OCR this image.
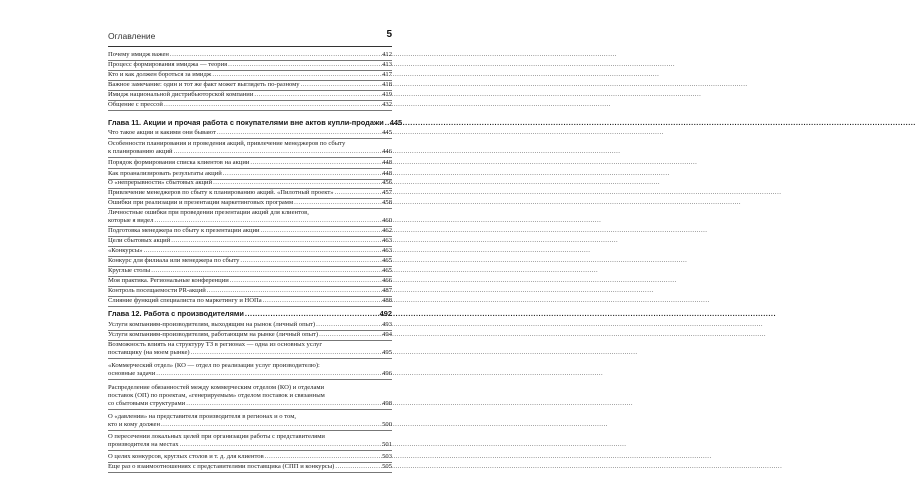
Оглавление	5
Почему имидж важен .....	412
Процесс формирования имиджа — теория .....	413
Кто и как должен бороться за имидж .....	417
Важное замечание: один и тот же факт может выглядеть по-разному .....	418
Имидж национальной дистрибьюторской компании .....	419
Общение с прессой .....	432
Глава 11. Акции и прочая работа с покупателями вне актов купли-продажи ..... 445
Что такое акции и какими они бывают .....	445
Особенности планирования и проведения акций, привлечение менеджеров по сбыту
к планированию акций .....	446
Порядок формирования списка клиентов на акции .....	448
Как проанализировать результаты акций .....	448
О «непрерывности» сбытовых акций .....	456
Привлечение менеджеров по сбыту к планированию акций. «Пилотный проект» .....	457
Ошибки при реализации и презентации маркетинговых программ .....	458
Личностные ошибки при проведении презентации акций для клиентов,
которые я видел .....	460
Подготовка менеджера по сбыту к презентации акции .....	462
Цели сбытовых акций .....	463
«Конкурсы» .....	463
Конкурс для филиала или менеджера по сбыту .....	465
Круглые столы .....	465
Моя практика. Региональные конференции .....	466
Контроль посещаемости PR-акций .....	487
Слияние функций специалиста по маркетингу и НОПа .....	488
Глава 12. Работа с производителями .....	492
Услуги компаниям-производителям, выходящим на рынок (личный опыт) .....	493
Услуги компаниям-производителям, работающим на рынке (личный опыт) .....	494
Возможность влиять на структуру ТЗ в регионах — одна из основных услуг
поставщику (на моем рынке) .....	495
«Коммерческий отдел» (КО — отдел по реализации услуг производителю):
основные задачи .....	496
Распределение обязанностей между коммерческим отделом (КО) и отделами
поставок (ОП) по проектам, «генерируемым» отделом поставок и связанным
со сбытовыми структурами .....	498
О «давлении» на представителя производителя в регионах и о том,
кто и кому должен .....	500
О пересечении локальных целей при организации работы с представителями
производителя на местах .....	501
О целях конкурсов, круглых столов и т. д. для клиентов .....	503
Еще раз о взаимоотношениях с представителями поставщика (СПП и конкурсы) .....	505
